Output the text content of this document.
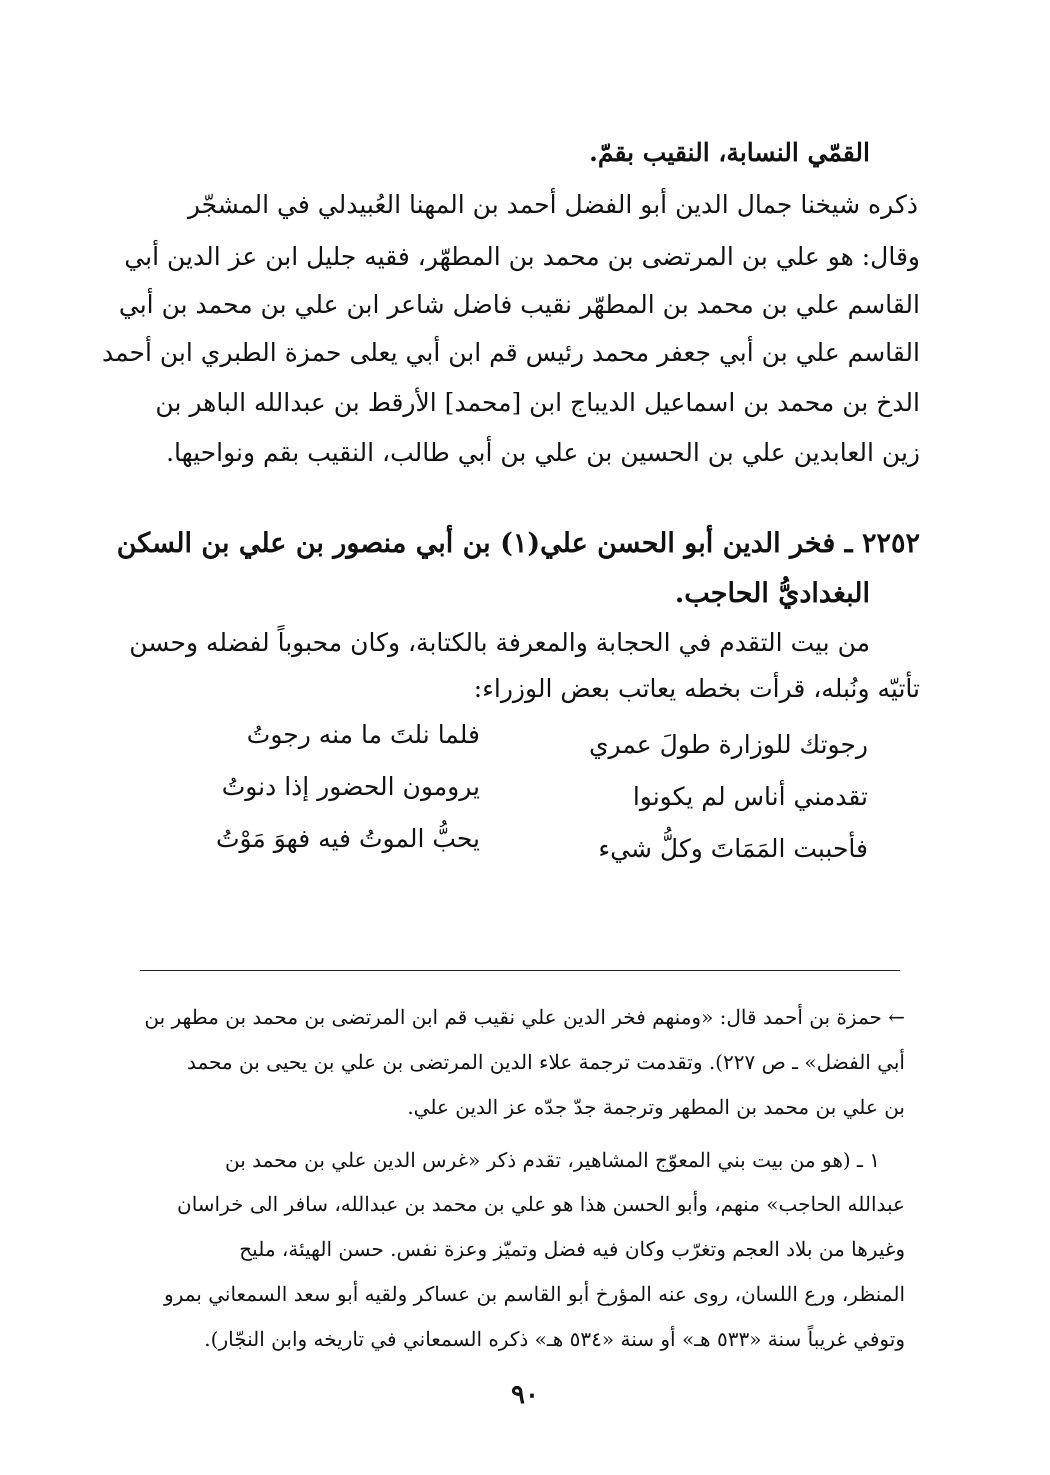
القمّي النسابة، النقيب بقمّ.
ذكره شيخنا جمال الدين أبو الفضل أحمد بن المهنا العُبيدلي في المشجّر
وقال: هو علي بن المرتضى بن محمد بن المطهّر، فقيه جليل ابن عز الدين أبي
القاسم علي بن محمد بن المطهّر نقيب فاضل شاعر ابن علي بن محمد بن أبي
القاسم علي بن أبي جعفر محمد رئيس قم ابن أبي يعلى حمزة الطبري ابن أحمد
الدخ بن محمد بن اسماعيل الديباج ابن [محمد] الأرقط بن عبدالله الباهر بن
زين العابدين علي بن الحسين بن علي بن أبي طالب، النقيب بقم ونواحيها.
٢٢٥٢ ـ فخر الدين أبو الحسن علي(١) بن أبي منصور بن علي بن السكن
البغداديُّ الحاجب.
من بيت التقدم في الحجابة والمعرفة بالكتابة، وكان محبوباً لفضله وحسن
تأتيّه ونُبله، قرأت بخطه يعاتب بعض الوزراء:
رجوتك للوزارة طولَ عمري
فلما نلتَ ما منه رجوتُ
تقدمني أناس لم يكونوا
يرومون الحضور إذا دنوتُ
فأحببت المَمَاتَ وكلُّ شيء
يحبُّ الموتُ فيه فهوَ مَوْتُ
← حمزة بن أحمد قال: «ومنهم فخر الدين علي نقيب قم ابن المرتضى بن محمد بن مطهر بن
أبي الفضل» ـ ص ٢٢٧). وتقدمت ترجمة علاء الدين المرتضى بن علي بن يحيى بن محمد
بن علي بن محمد بن المطهر وترجمة جدّ جدّه عز الدين علي.
١ ـ (هو من بيت بني المعوّج المشاهير، تقدم ذكر «غرس الدين علي بن محمد بن
عبدالله الحاجب» منهم، وأبو الحسن هذا هو علي بن محمد بن عبدالله، سافر الى خراسان
وغيرها من بلاد العجم وتغرّب وكان فيه فضل وتميّز وعزة نفس. حسن الهيئة، مليح
المنظر، ورع اللسان، روى عنه المؤرخ أبو القاسم بن عساكر ولقيه أبو سعد السمعاني بمرو
وتوفي غريباً سنة «٥٣٣ هـ» أو سنة «٥٣٤ هـ» ذكره السمعاني في تاريخه وابن النجّار).
٩٠
